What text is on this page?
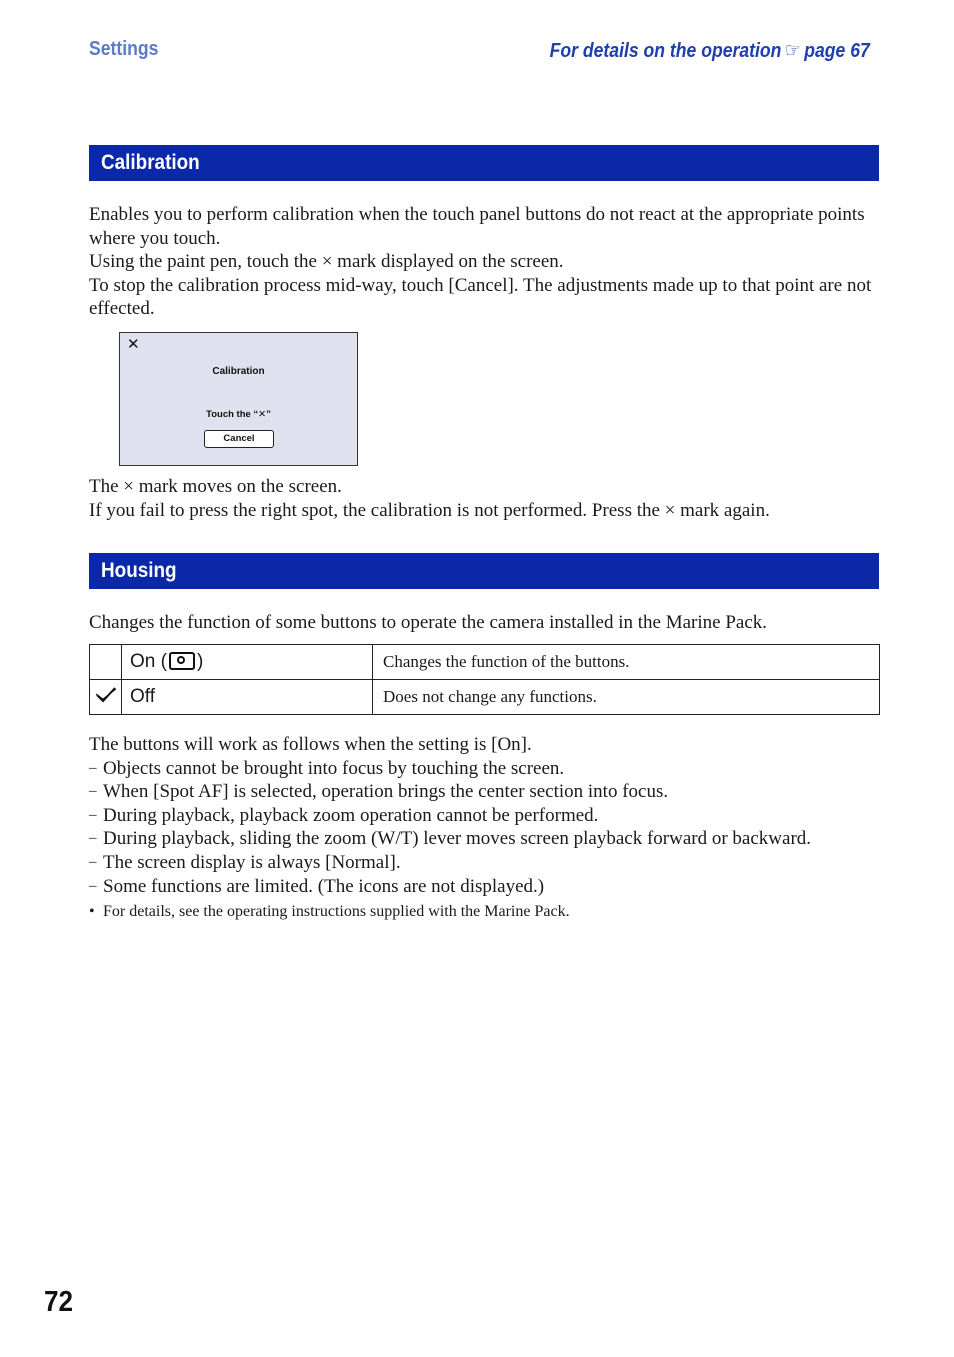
Settings	For details on the operation ☞ page 67
Calibration

Enables you to perform calibration when the touch panel buttons do not react at the appropriate points where you touch.

Using the paint pen, touch the × mark displayed on the screen.

To stop the calibration process mid-way, touch [Cancel]. The adjustments made up to that point are not effected.

✕
Calibration
Touch the “✕”
Cancel

The × mark moves on the screen.

If you fail to press the right spot, the calibration is not performed. Press the × mark again.

Housing

Changes the function of some buttons to operate the camera installed in the Marine Pack.

	On ( )	Changes the function of the buttons.
	Off	Does not change any functions.

The buttons will work as follows when the setting is [On].

– Objects cannot be brought into focus by touching the screen.
– When [Spot AF] is selected, operation brings the center section into focus.
– During playback, playback zoom operation cannot be performed.
– During playback, sliding the zoom (W/T) lever moves screen playback forward or backward.
– The screen display is always [Normal].
– Some functions are limited. (The icons are not displayed.)
• For details, see the operating instructions supplied with the Marine Pack.
72
